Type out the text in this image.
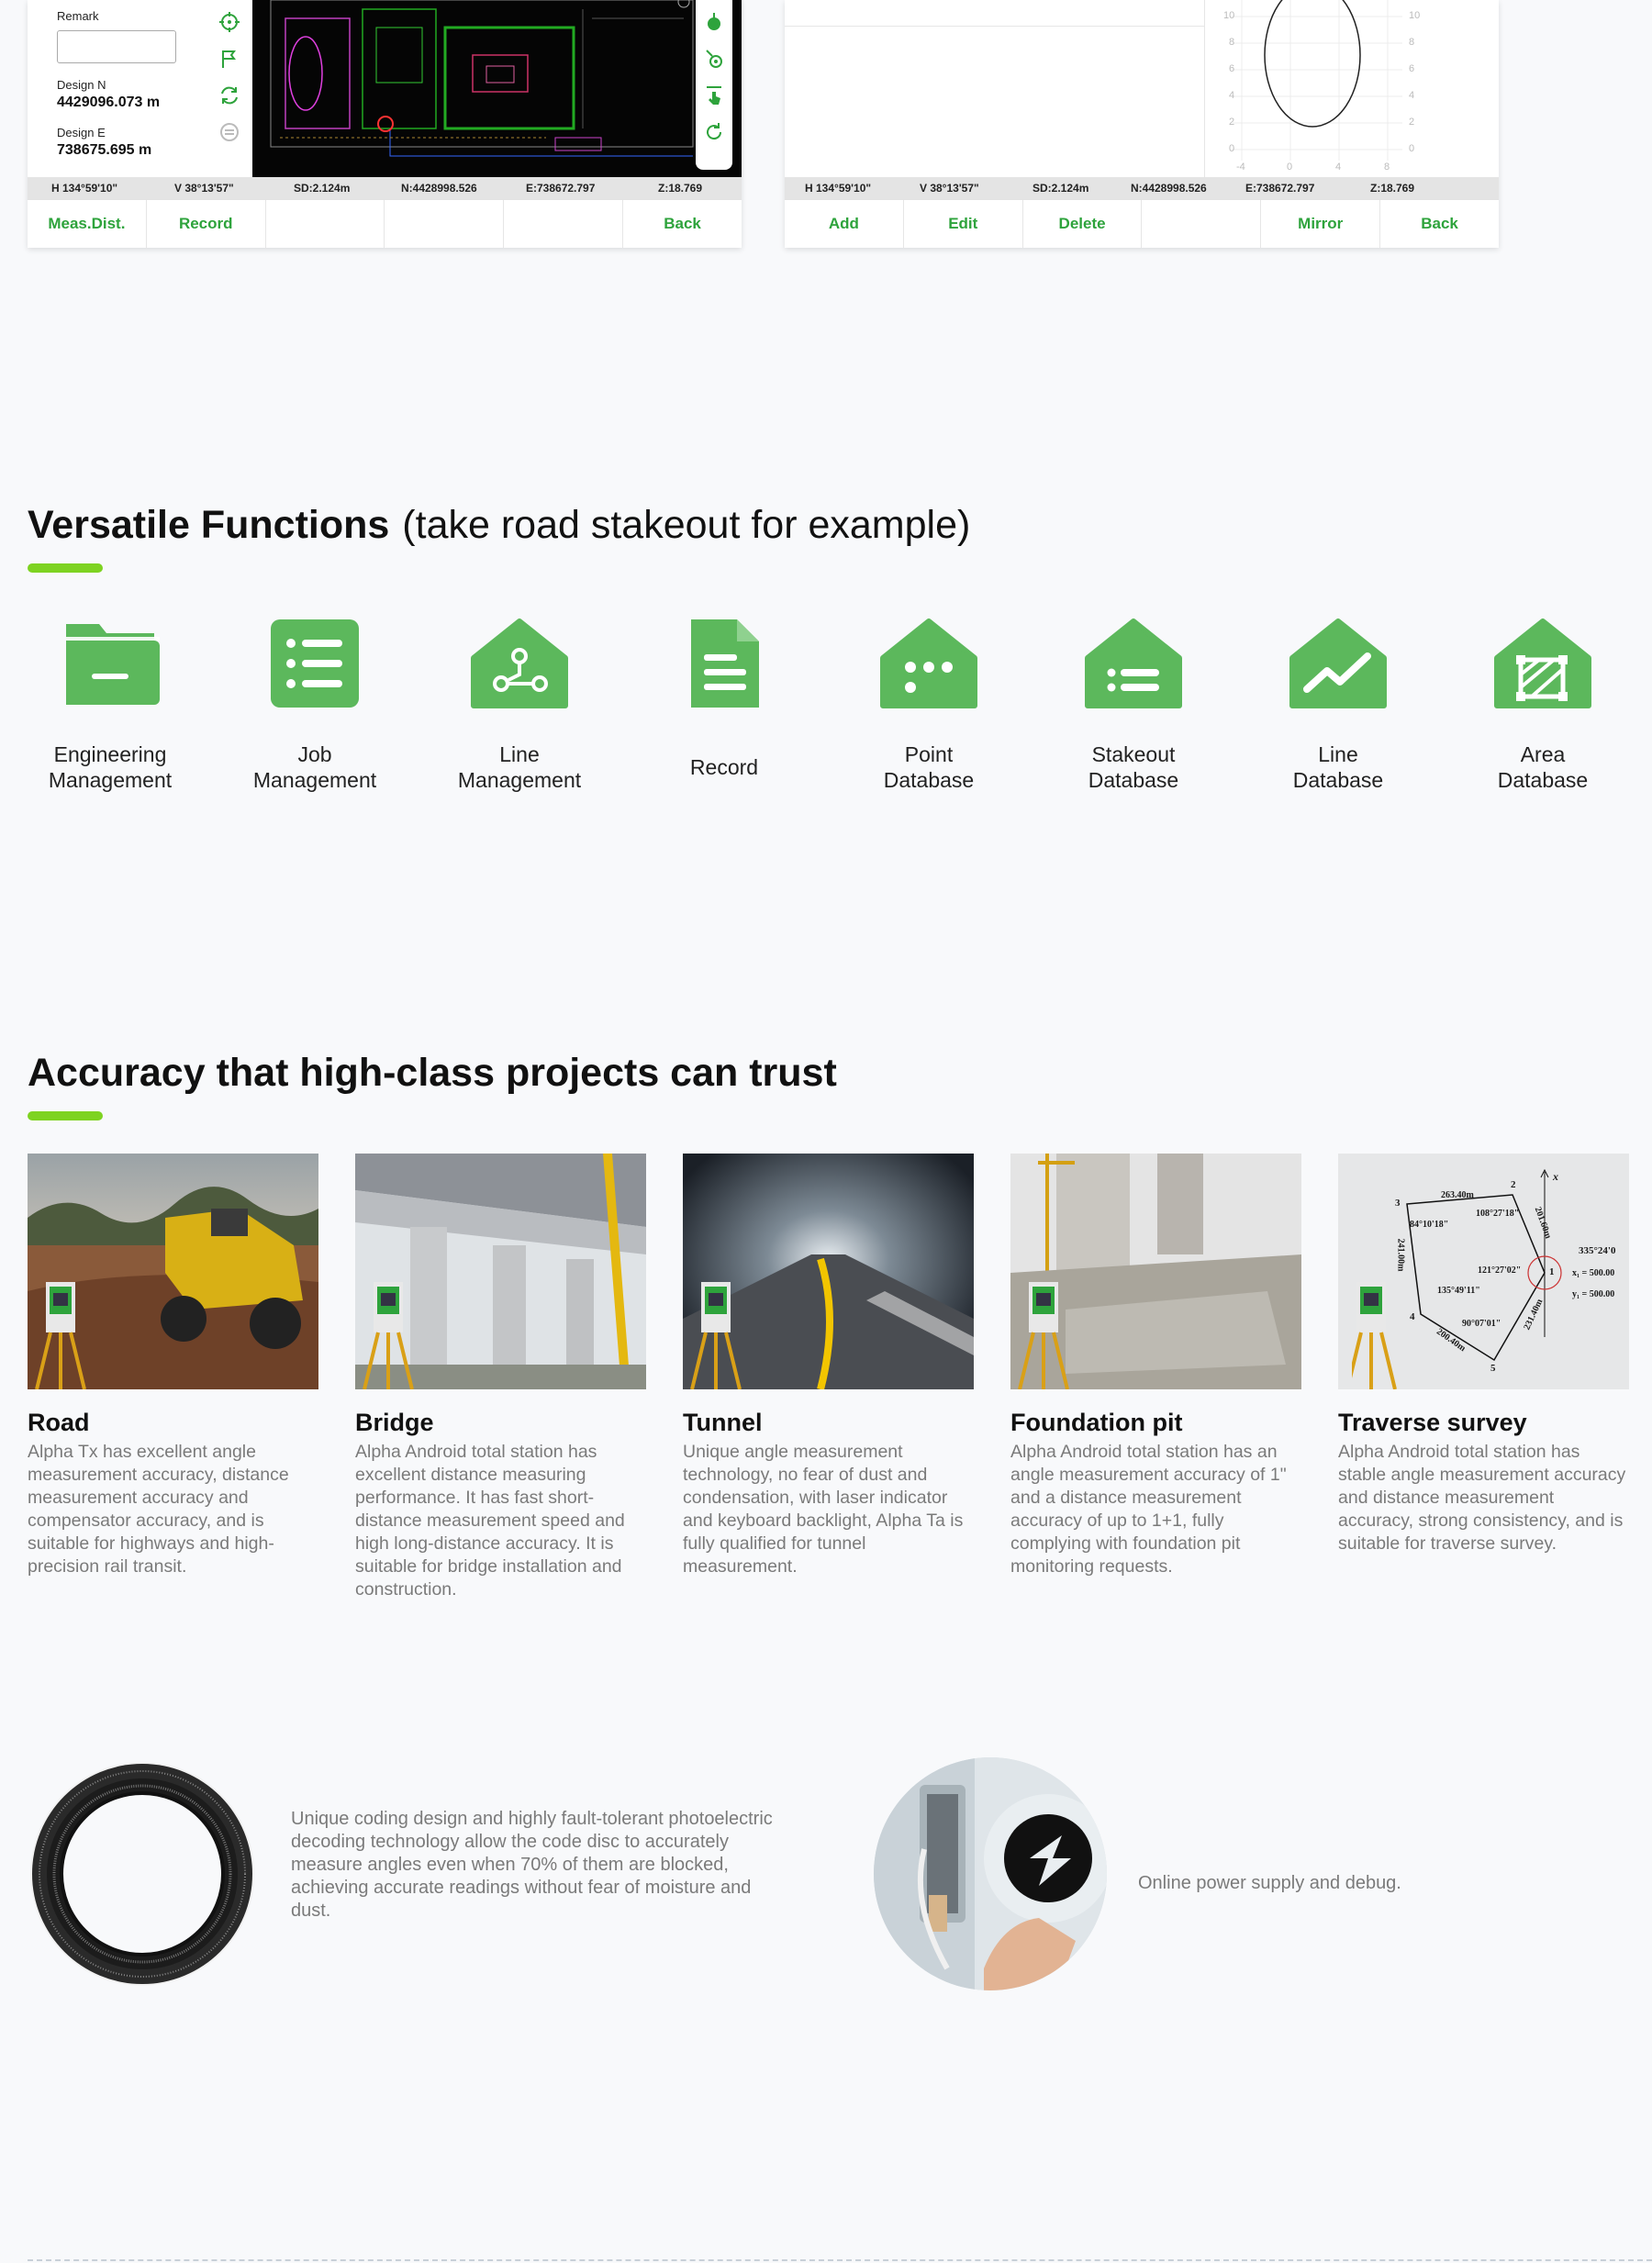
Remark
Design N
4429096.073 m
Design E
738675.695 m
H 134°59'10"	V 38°13'57"	SD:2.124m	N:4428998.526	E:738672.797	Z:18.769
Meas.Dist.	Record	Back
10
8
6
4
2
0
10
8
6
4
2
0
-4	0	4	8
H 134°59'10"	V 38°13'57"	SD:2.124m	N:4428998.526	E:738672.797	Z:18.769
Add	Edit	Delete	Mirror	Back
Versatile Functions (take road stakeout for example)
Engineering
Management
Job
Management
Line
Management
Record
Point
Database
Stakeout
Database
Line
Database
Area
Database
Accuracy that high-class projects can trust
Road

Alpha Tx has excellent angle measurement accuracy, distance measurement accuracy and compensator accuracy, and is suitable for highways and high-precision rail transit.

Bridge

Alpha Android total station has excellent distance measuring performance. It has fast short-distance measurement speed and high long-distance accuracy. It is suitable for bridge installation and construction.

Tunnel

Unique angle measurement technology, no fear of dust and condensation, with laser indicator and keyboard backlight, Alpha Ta is fully qualified for tunnel measurement.

Foundation pit

Alpha Android total station has an angle measurement accuracy of 1" and a distance measurement accuracy of up to 1+1, fully complying with foundation pit monitoring requests.

263.40m
84°10'18"
108°27'18" 201.60m
241.00m	121°27'02"
335°24'0
x₁ = 500.00
y₁ = 500.00
135°49'11"
231.40m
90°07'01"
200.40m
1
2
3
4
5
x
Traverse survey

Alpha Android total station has stable angle measurement accuracy and distance measurement accuracy, strong consistency, and is suitable for traverse survey.

Unique coding design and highly fault-tolerant photoelectric decoding technology allow the code disc to accurately measure angles even when 70% of them are blocked, achieving accurate readings without fear of moisture and dust.

Online power supply and debug.
